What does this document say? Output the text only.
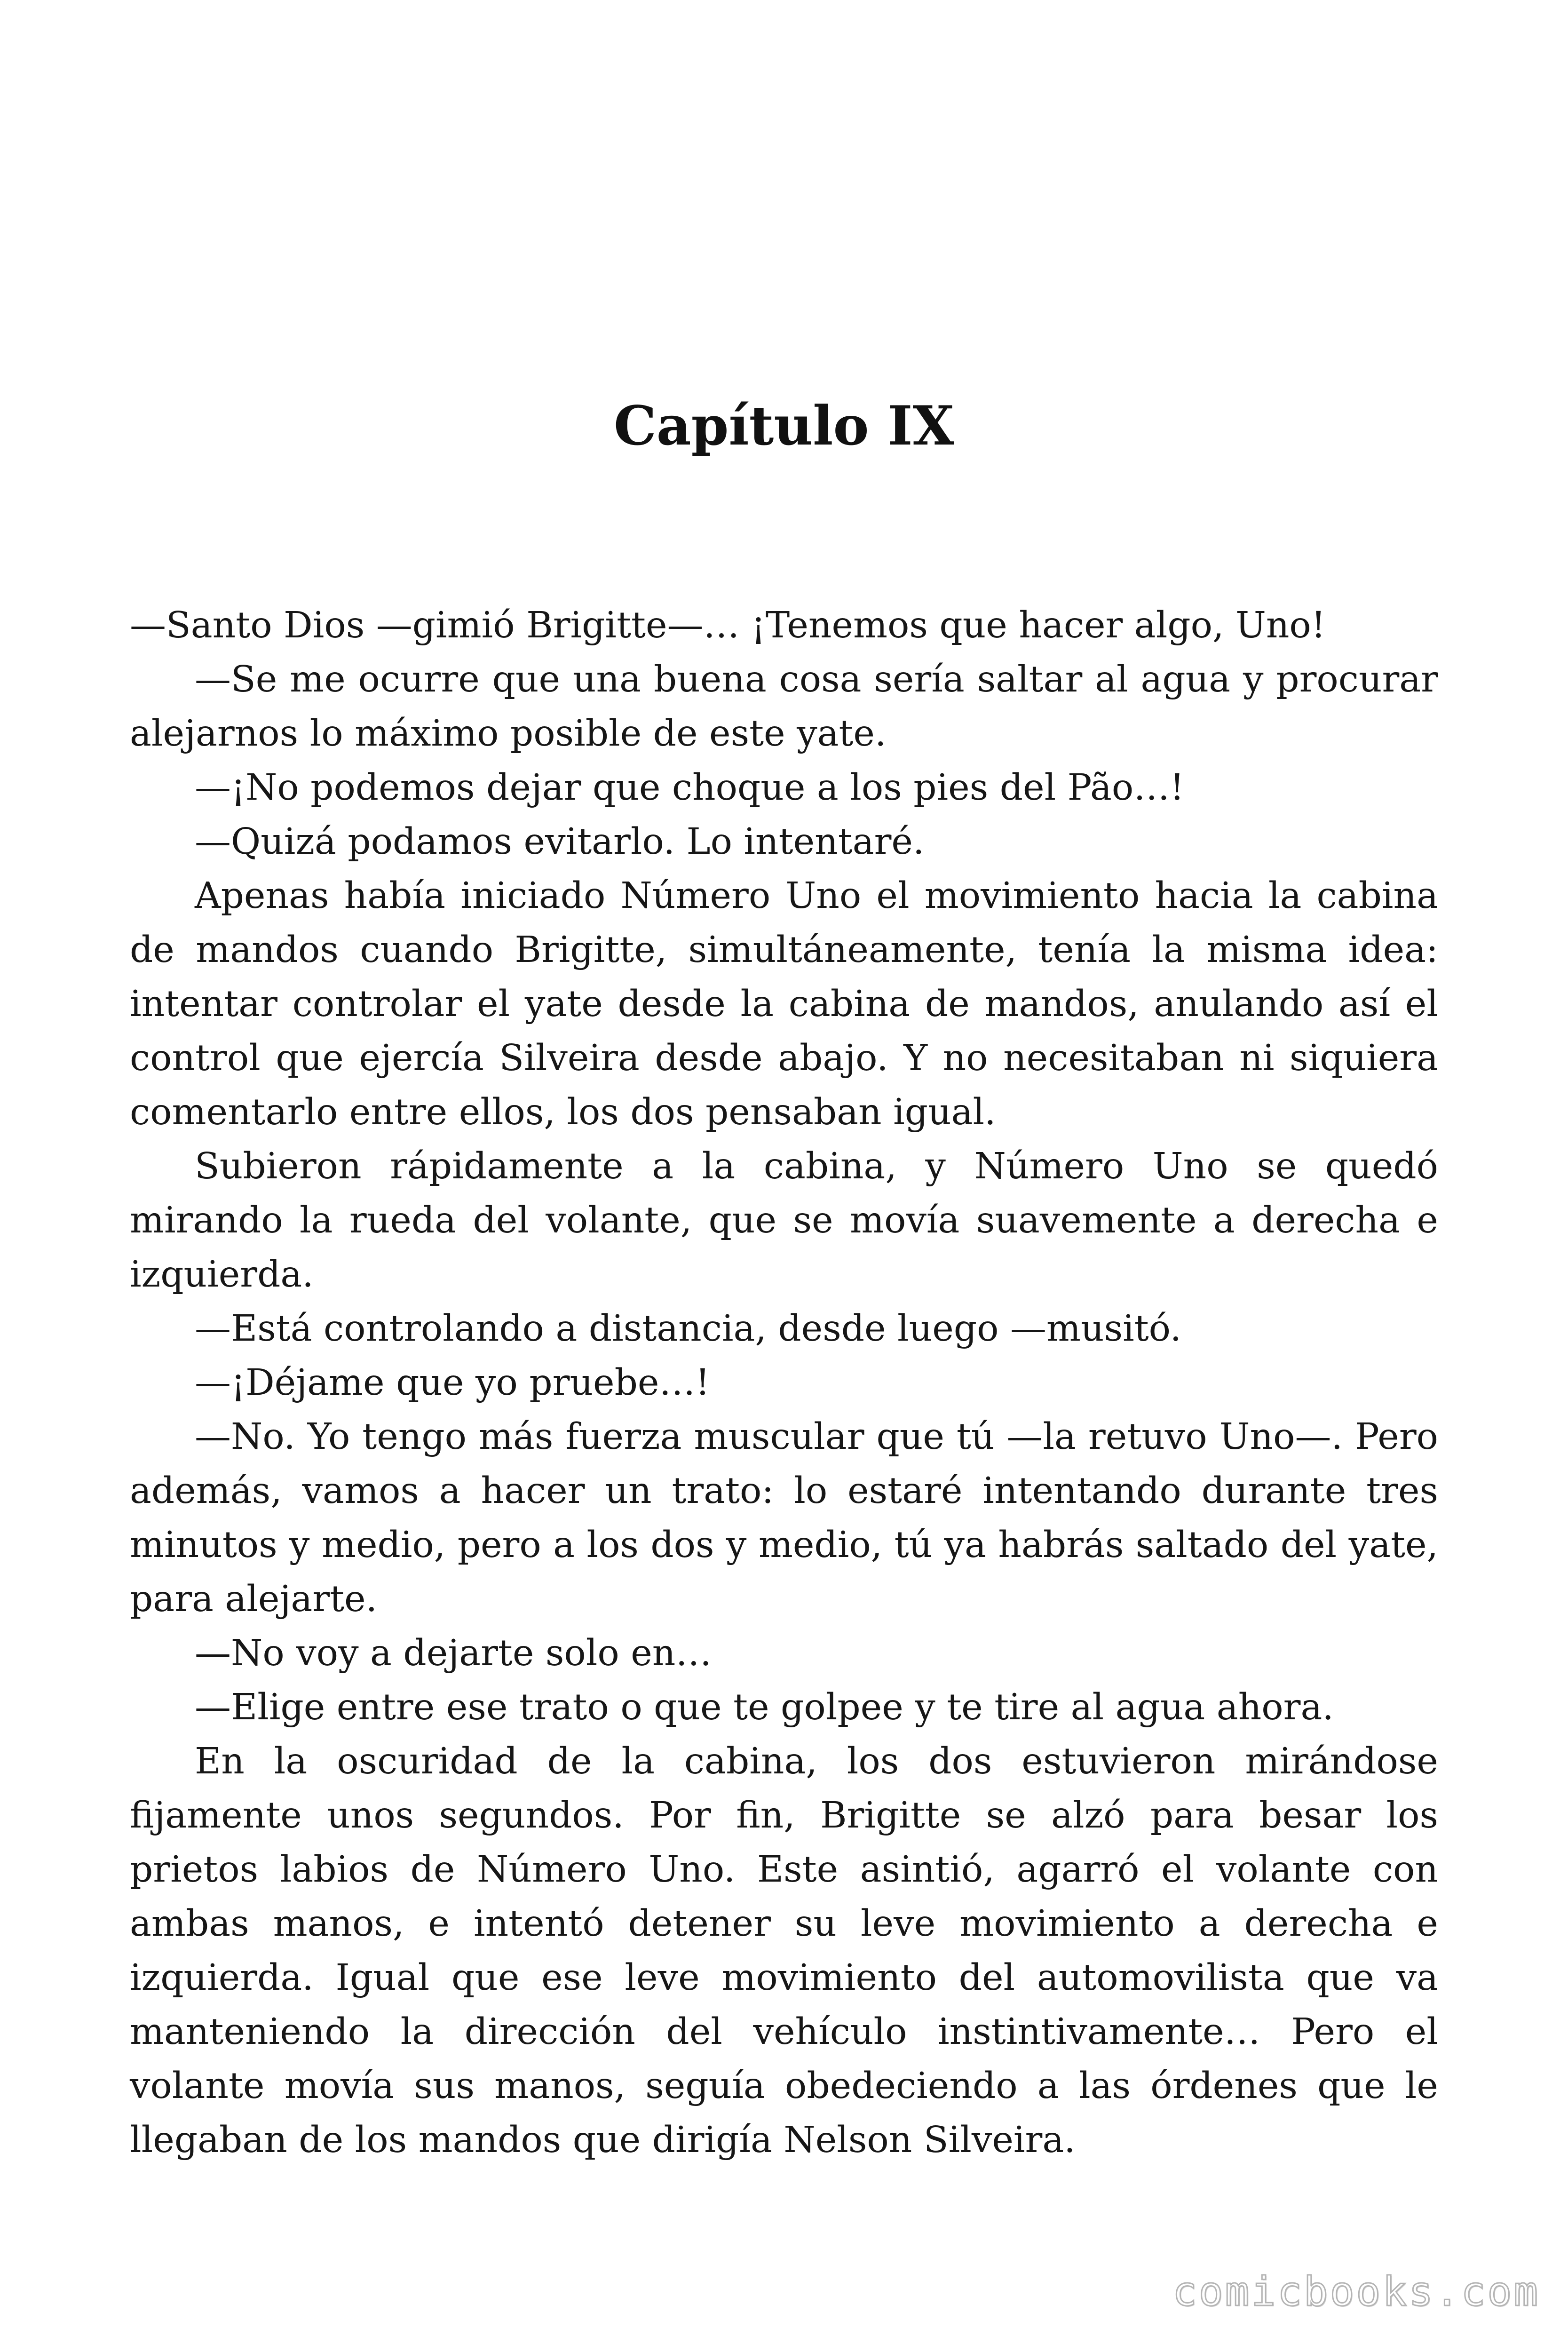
Capítulo IX

—Santo Dios —gimió Brigitte—… ¡Tenemos que hacer algo, Uno!

—Se me ocurre que una buena cosa sería saltar al agua y procurar alejarnos lo máximo posible de este yate.

—¡No podemos dejar que choque a los pies del Pão…!

—Quizá podamos evitarlo. Lo intentaré.

Apenas había iniciado Número Uno el movimiento hacia la cabina de mandos cuando Brigitte, simultáneamente, tenía la misma idea: intentar controlar el yate desde la cabina de mandos, anulando así el control que ejercía Silveira desde abajo. Y no necesitaban ni siquiera comentarlo entre ellos, los dos pensaban igual.

Subieron rápidamente a la cabina, y Número Uno se quedó mirando la rueda del volante, que se movía suavemente a derecha e izquierda.

—Está controlando a distancia, desde luego —musitó.

—¡Déjame que yo pruebe…!

—No. Yo tengo más fuerza muscular que tú —la retuvo Uno—. Pero además, vamos a hacer un trato: lo estaré intentando durante tres minutos y medio, pero a los dos y medio, tú ya habrás saltado del yate, para alejarte.

—No voy a dejarte solo en…

—Elige entre ese trato o que te golpee y te tire al agua ahora.

En la oscuridad de la cabina, los dos estuvieron mirándose fijamente unos segundos. Por fin, Brigitte se alzó para besar los prietos labios de Número Uno. Este asintió, agarró el volante con ambas manos, e intentó detener su leve movimiento a derecha e izquierda. Igual que ese leve movimiento del automovilista que va manteniendo la dirección del vehículo instintivamente… Pero el volante movía sus manos, seguía obedeciendo a las órdenes que le llegaban de los mandos que dirigía Nelson Silveira.

comicbooks.com
